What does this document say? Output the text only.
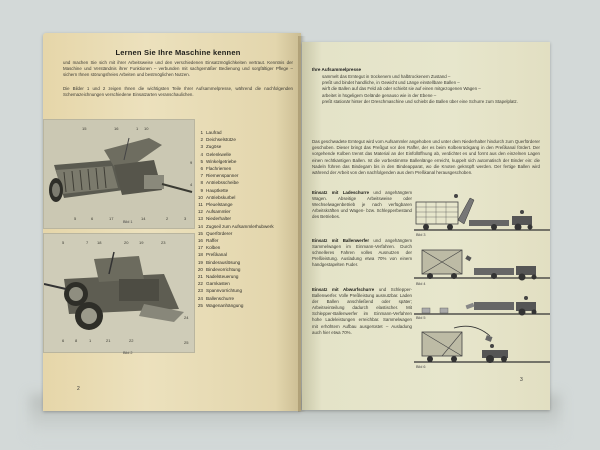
Lernen Sie Ihre Maschine kennen
und machen Sie sich mit ihrer Arbeitsweise und den verschiedenen Einsatzmöglichkeiten vertraut. Kenntnis der Maschine und Verständnis ihrer Funktionen – verbunden mit sachgemäßer Bedienung und sorgfältiger Pflege – sichern Ihnen störungsfreies Arbeiten und bestmöglichen Nutzen.
Die Bilder 1 und 2 zeigen Ihnen die wichtigsten Teile Ihrer Aufsammelpresse, während die nachfolgenden Schemazeichnungen verschiedene Einsatzarten veranschaulichen.
15	16	1 10
9
4
5	6	17	14	2	3
Bild 1
5	7 18	20	19	23
6	8	1	21	22
24
25
Bild 2
1 Laufrad
2 Deichselstütze
3 Zugöse
4 Gelenkwelle
5 Winkelgetriebe
6 Flachriemen
7 Riemenspanner
8 Antriebsscheibe
9 Hauptkette
10 Antriebskurbel
11 Pleuelstange
12 Aufsammler
13 Niederhalter
14 Zugseil zum Aufsammlerhubwerk
15 Querförderer
16 Raffer
17 Kolben
18 Preßkanal
19 Binderauslösung
20 Bindevorrichtung
21 Nadelsteuerung
22 Garnkasten
23 Spannvorrichtung
24 Ballenschurre
25 Wagenanhängung
2
Ihre Aufsammelpresse
sammelt das Erntegut in trockenem und halbtrockenem Zustand –
preßt und bindet handliche, in Gewicht und Länge einstellbare Ballen –
wirft die Ballen auf das Feld ab oder schiebt sie auf einen mitgezogenen Wagen –
arbeitet in hügeligem Gelände genauso wie in der Ebene –
preßt stationär hinter der Dreschmaschine und schiebt die Ballen über eine Schurre zum Stapelplatz.
Das geschwadete Erntegut wird vom Aufsammler angehoben und unter dem Niederhalter hindurch zum Querförderer geschoben. Dieser bringt das Preßgut vor den Raffer, der es beim Kolbenrückgang in den Preßkanal fördert. Der vorgehende Kolben trennt das Material an der Einfüllöffnung ab, verdichtet es und formt aus den einzelnen Lagen einen rechtkantigen Ballen. Ist die vorbestimmte Ballenlänge erreicht, kuppelt sich automatisch der Binder ein: die Nadeln führen das Bindegarn bis in den Bindeapparat, wo die Knoten geknüpft werden. Der fertige Ballen wird während der Arbeit von den nachfolgenden aus dem Preßkanal herausgeschoben.
Einsatz mit Ladeschurre und angehängtem Wagen. Abseitige Arbeitsweise oder Wechselwagenbetrieb je nach verfügbaren Arbeitskräften und Wagen- bzw. Schlepperbestand des Betriebes.
Einsatz mit Ballenwerfer und angehängtem Sammelwagen im Einmann-Verfahren. Durch schnelleres Fahren volles Ausnutzen der Preßleistung. Ausladung etwa 70% von einem handgestapelten Fuder.
Einsatz mit Abwurfschurre und Schlepper-Ballenwerfer. Volle Preßleistung ausnutzbar. Laden der Ballen anschließend oder später; Arbeitseinteilung dadurch elastischer. Mit Schlepper-Ballenwerfer im Einmann-Verfahren hohe Ladeleistungen erreichbar. Sammelwagen mit erhöhtem Aufbau ausgerüstet – Ausladung auch hier etwa 70%.
Bild 3
Bild 4
Bild 5
Bild 6
3
